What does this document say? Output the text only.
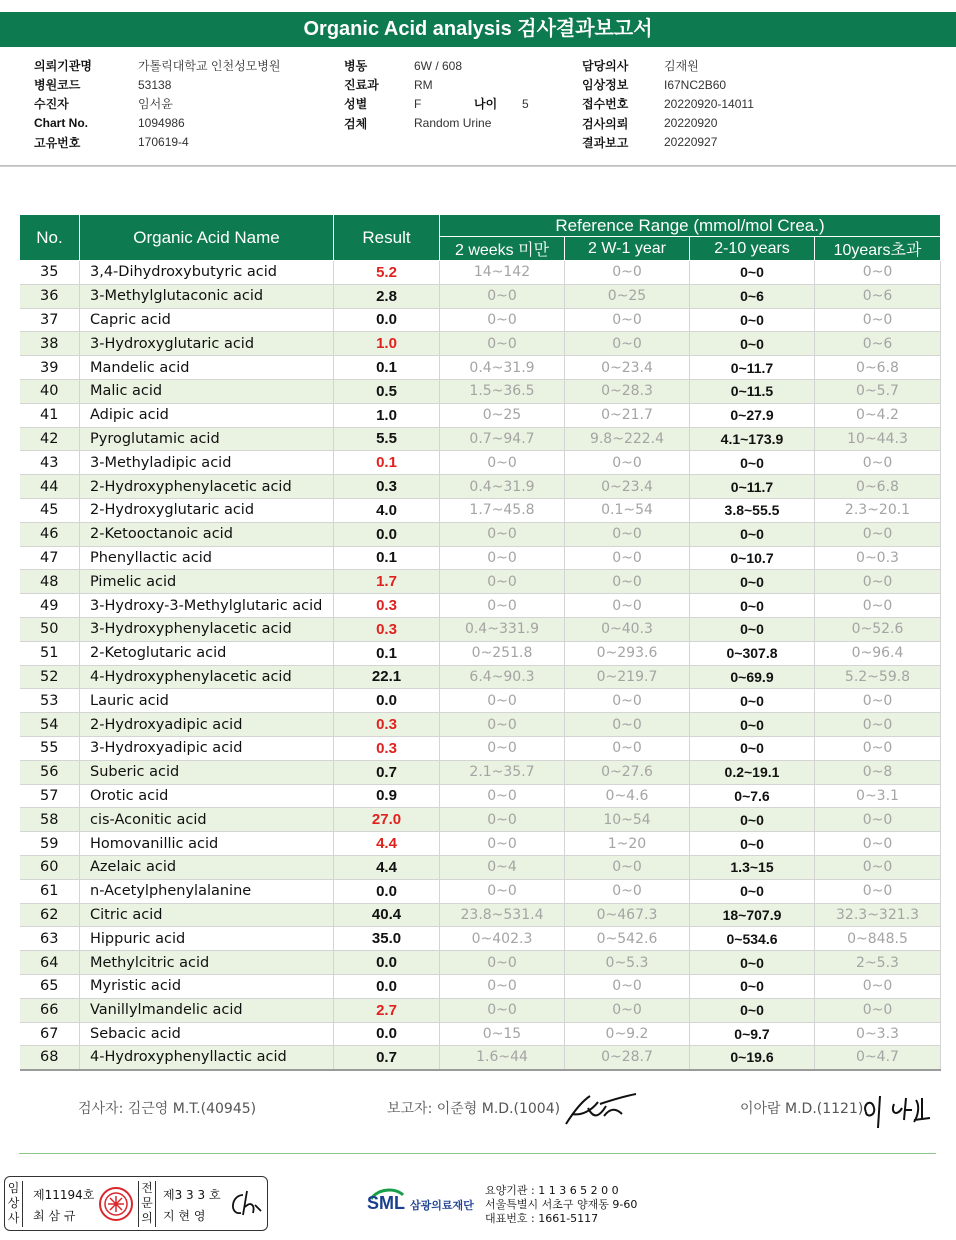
Organic Acid analysis 검사결과보고서
의뢰기관명	가톨릭대학교 인천성모병원
병원코드	53138
수진자	임서윤
Chart No.	1094986
고유번호	170619-4
병동	6W / 608
진료과	RM
성별	F	나이	5
검체	Random Urine
담당의사	김재원
임상정보	I67NC2B60
접수번호	20220920-14011
검사의뢰	20220920
결과보고	20220927
No.	Organic Acid Name	Result	Reference Range (mmol/mol Crea.)			
			2 weeks 미만	2 W-1 year	2-10 years	10years초과
35	3,4-Dihydroxybutyric acid	5.2	14~142	0~0	0~0	0~0
36	3-Methylglutaconic acid	2.8	0~0	0~25	0~6	0~6
37	Capric acid	0.0	0~0	0~0	0~0	0~0
38	3-Hydroxyglutaric acid	1.0	0~0	0~0	0~0	0~6
39	Mandelic acid	0.1	0.4~31.9	0~23.4	0~11.7	0~6.8
40	Malic acid	0.5	1.5~36.5	0~28.3	0~11.5	0~5.7
41	Adipic acid	1.0	0~25	0~21.7	0~27.9	0~4.2
42	Pyroglutamic acid	5.5	0.7~94.7	9.8~222.4	4.1~173.9	10~44.3
43	3-Methyladipic acid	0.1	0~0	0~0	0~0	0~0
44	2-Hydroxyphenylacetic acid	0.3	0.4~31.9	0~23.4	0~11.7	0~6.8
45	2-Hydroxyglutaric acid	4.0	1.7~45.8	0.1~54	3.8~55.5	2.3~20.1
46	2-Ketooctanoic acid	0.0	0~0	0~0	0~0	0~0
47	Phenyllactic acid	0.1	0~0	0~0	0~10.7	0~0.3
48	Pimelic acid	1.7	0~0	0~0	0~0	0~0
49	3-Hydroxy-3-Methylglutaric acid	0.3	0~0	0~0	0~0	0~0
50	3-Hydroxyphenylacetic acid	0.3	0.4~331.9	0~40.3	0~0	0~52.6
51	2-Ketoglutaric acid	0.1	0~251.8	0~293.6	0~307.8	0~96.4
52	4-Hydroxyphenylacetic acid	22.1	6.4~90.3	0~219.7	0~69.9	5.2~59.8
53	Lauric acid	0.0	0~0	0~0	0~0	0~0
54	2-Hydroxyadipic acid	0.3	0~0	0~0	0~0	0~0
55	3-Hydroxyadipic acid	0.3	0~0	0~0	0~0	0~0
56	Suberic acid	0.7	2.1~35.7	0~27.6	0.2~19.1	0~8
57	Orotic acid	0.9	0~0	0~4.6	0~7.6	0~3.1
58	cis-Aconitic acid	27.0	0~0	10~54	0~0	0~0
59	Homovanillic acid	4.4	0~0	1~20	0~0	0~0
60	Azelaic acid	4.4	0~4	0~0	1.3~15	0~0
61	n-Acetylphenylalanine	0.0	0~0	0~0	0~0	0~0
62	Citric acid	40.4	23.8~531.4	0~467.3	18~707.9	32.3~321.3
63	Hippuric acid	35.0	0~402.3	0~542.6	0~534.6	0~848.5
64	Methylcitric acid	0.0	0~0	0~5.3	0~0	2~5.3
65	Myristic acid	0.0	0~0	0~0	0~0	0~0
66	Vanillylmandelic acid	2.7	0~0	0~0	0~0	0~0
67	Sebacic acid	0.0	0~15	0~9.2	0~9.7	0~3.3
68	4-Hydroxyphenyllactic acid	0.7	1.6~44	0~28.7	0~19.6	0~4.7
검사자: 김근영 M.T.(40945)	보고자: 이준형 M.D.(1004)	이아람 M.D.(1121)
임상사
제11194호
최 삼 규
전문의
제3 3 3 호
지 현 영
SML 삼광의료재단
요양기관 : 1 1 3 6 5 2 0 0
서울특별시 서초구 양재동 9-60
대표번호 : 1661-5117
